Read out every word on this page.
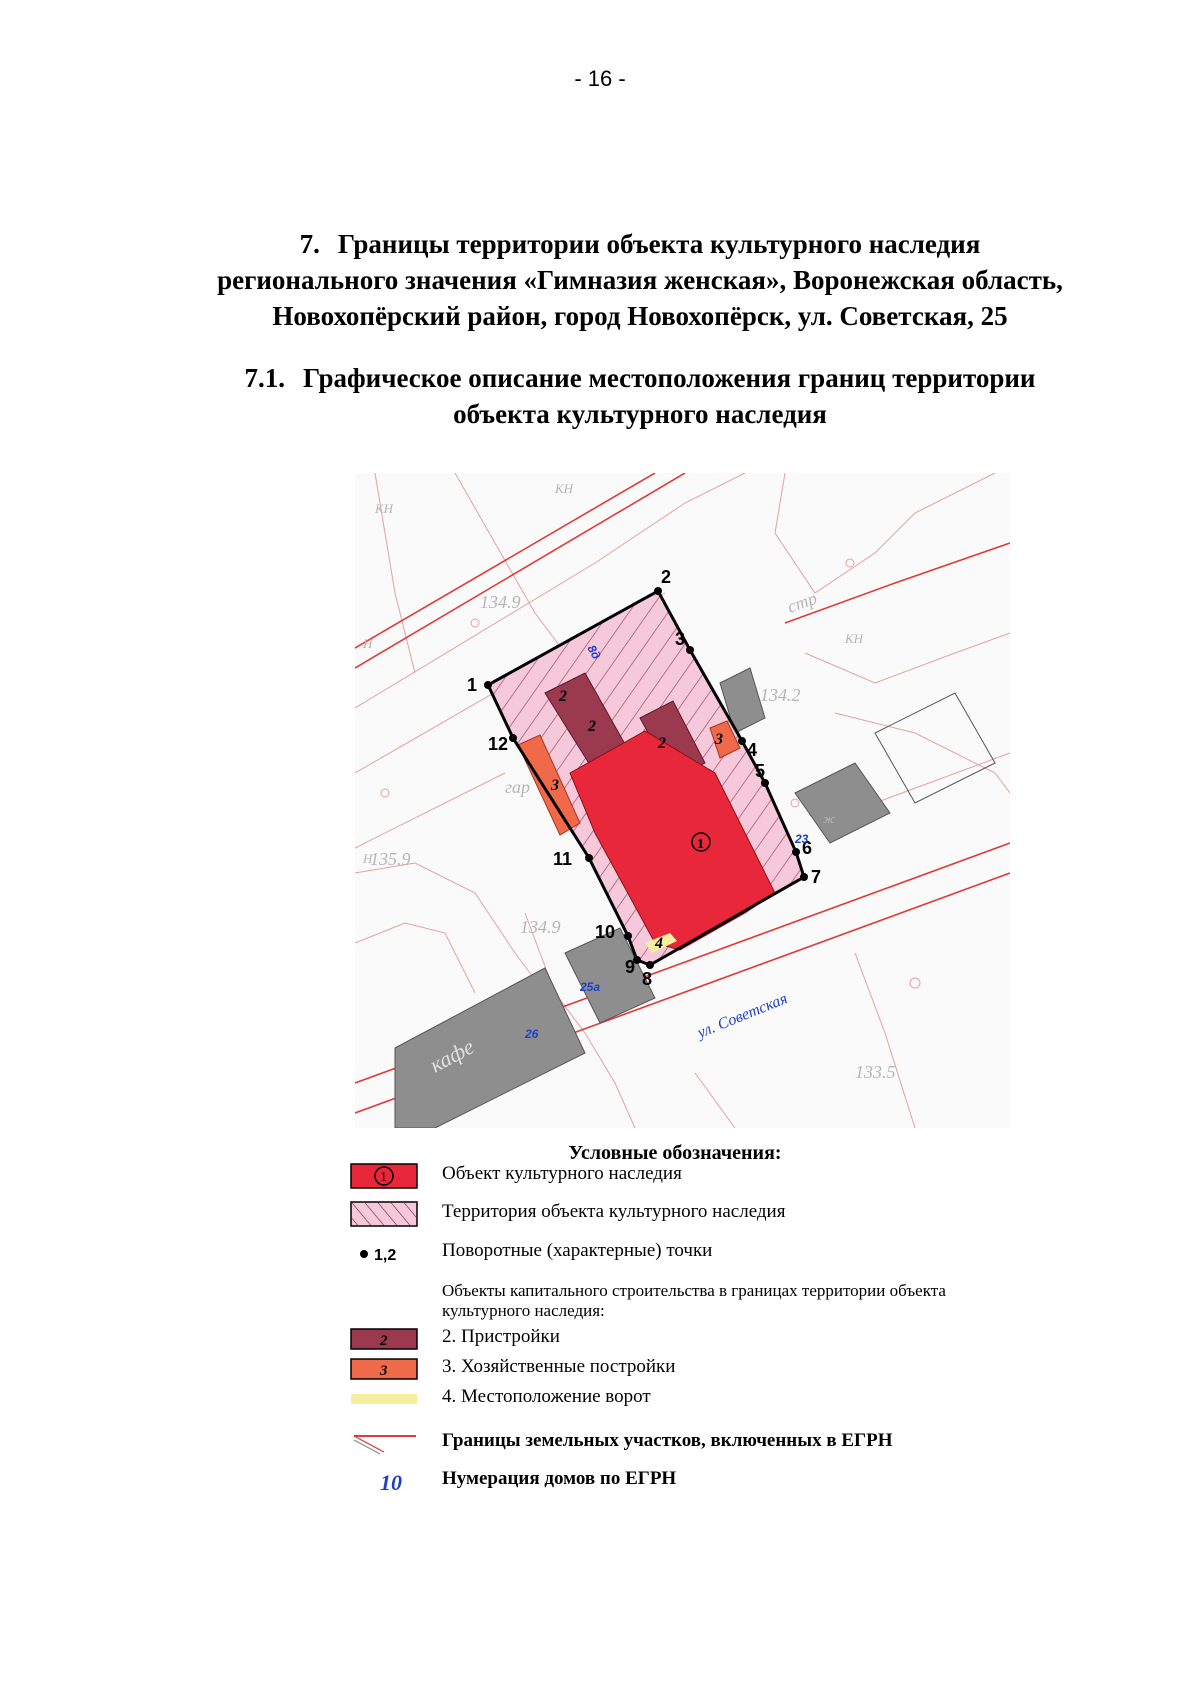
- 16 -
7. Границы территории объекта культурного наследия
регионального значения «Гимназия женская», Воронежская область,
Новохопёрский район, город Новохопёрск, ул. Советская, 25
7.1. Графическое описание местоположения границ территории
объекта культурного наследия
1
2
3
4
5
6
7
8
9
10
11
12
1
2
2
2
3
3
4
8д
23
25а
26	ул. Советская
134.9
134.2
135.9
133.5
134.9
кафе
гар
стр
КН
КН
КН
Н
Н
ж
Условные обозначения:
1	Объект культурного наследия
Территория объекта культурного наследия
1,2 Поворотные (характерные) точки
Объекты капитального строительства в границах территории объекта культурного наследия:
2	2. Пристройки
3	3. Хозяйственные постройки
4. Местоположение ворот
Границы земельных участков, включенных в ЕГРН
10 Нумерация домов по ЕГРН
